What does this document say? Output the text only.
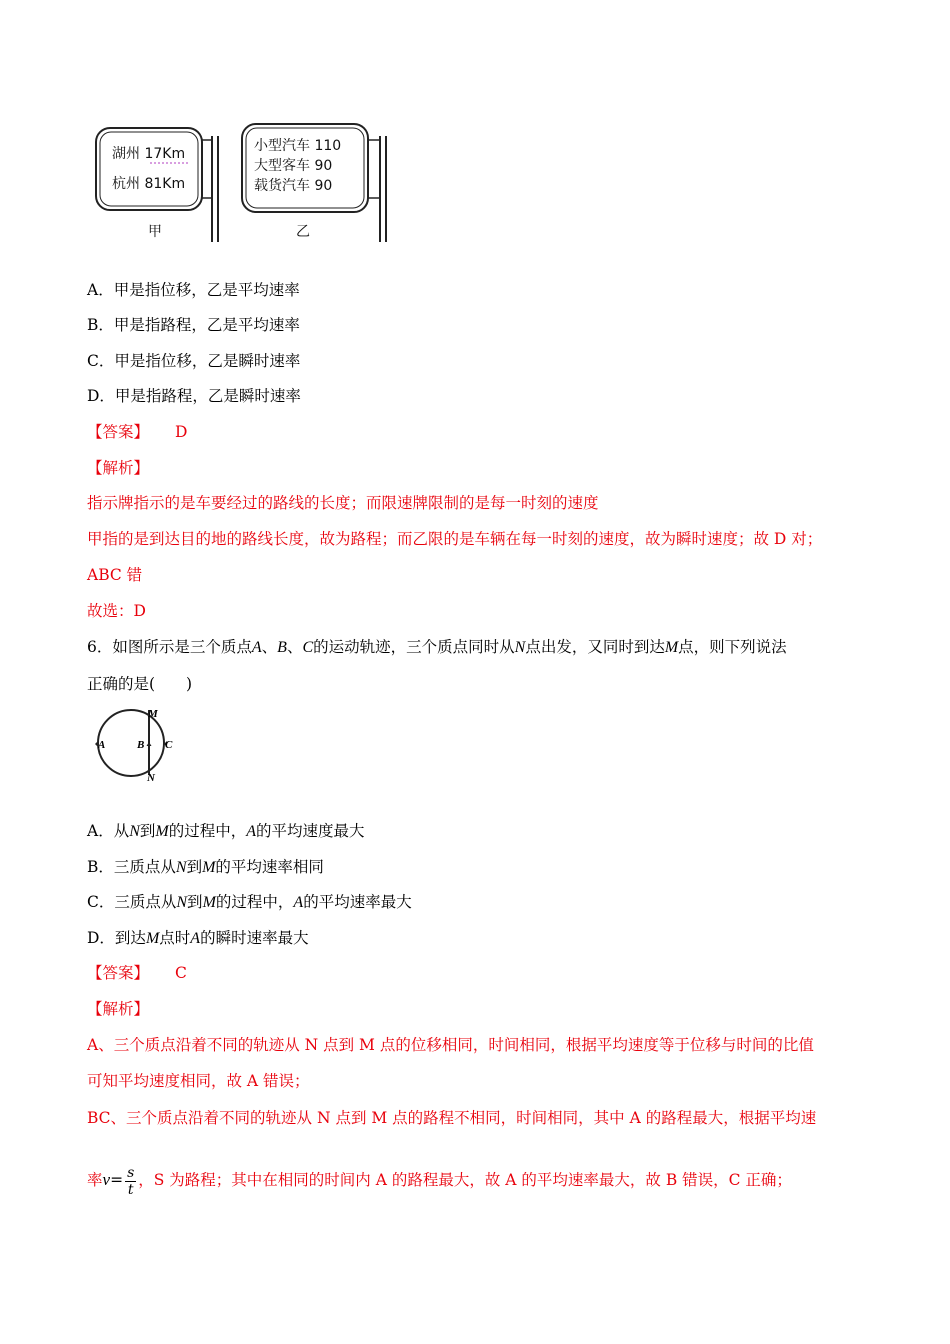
湖州 17Km
杭州 81Km
小型汽车 110
大型客车 90
载货汽车 90
甲	乙
A．甲是指位移，乙是平均速率
B．甲是指路程，乙是平均速率
C．甲是指位移，乙是瞬时速率
D．甲是指路程，乙是瞬时速率
【答案】 D
【解析】
指示牌指示的是车要经过的路线的长度；而限速牌限制的是每一时刻的速度
甲指的是到达目的地的路线长度，故为路程；而乙限的是车辆在每一时刻的速度，故为瞬时速度；故 D 对；
ABC 错
故选：D
6．如图所示是三个质点A、B、C的运动轨迹，三个质点同时从N点出发，又同时到达M点，则下列说法
正确的是(　　)
A	B C
M
N
A．从N到M的过程中，A的平均速度最大
B．三质点从N到M的平均速率相同
C．三质点从N到M的过程中，A的平均速率最大
D．到达M点时A的瞬时速率最大
【答案】 C
【解析】
A、三个质点沿着不同的轨迹从 N 点到 M 点的位移相同，时间相同，根据平均速度等于位移与时间的比值
可知平均速度相同，故 A 错误；
BC、三个质点沿着不同的轨迹从 N 点到 M 点的路程不相同，时间相同，其中 A 的路程最大，根据平均速
率$v= \frac{s}{t}$ ，S 为路程；其中在相同的时间内 A 的路程最大，故 A 的平均速率最大，故 B 错误，C 正确；
